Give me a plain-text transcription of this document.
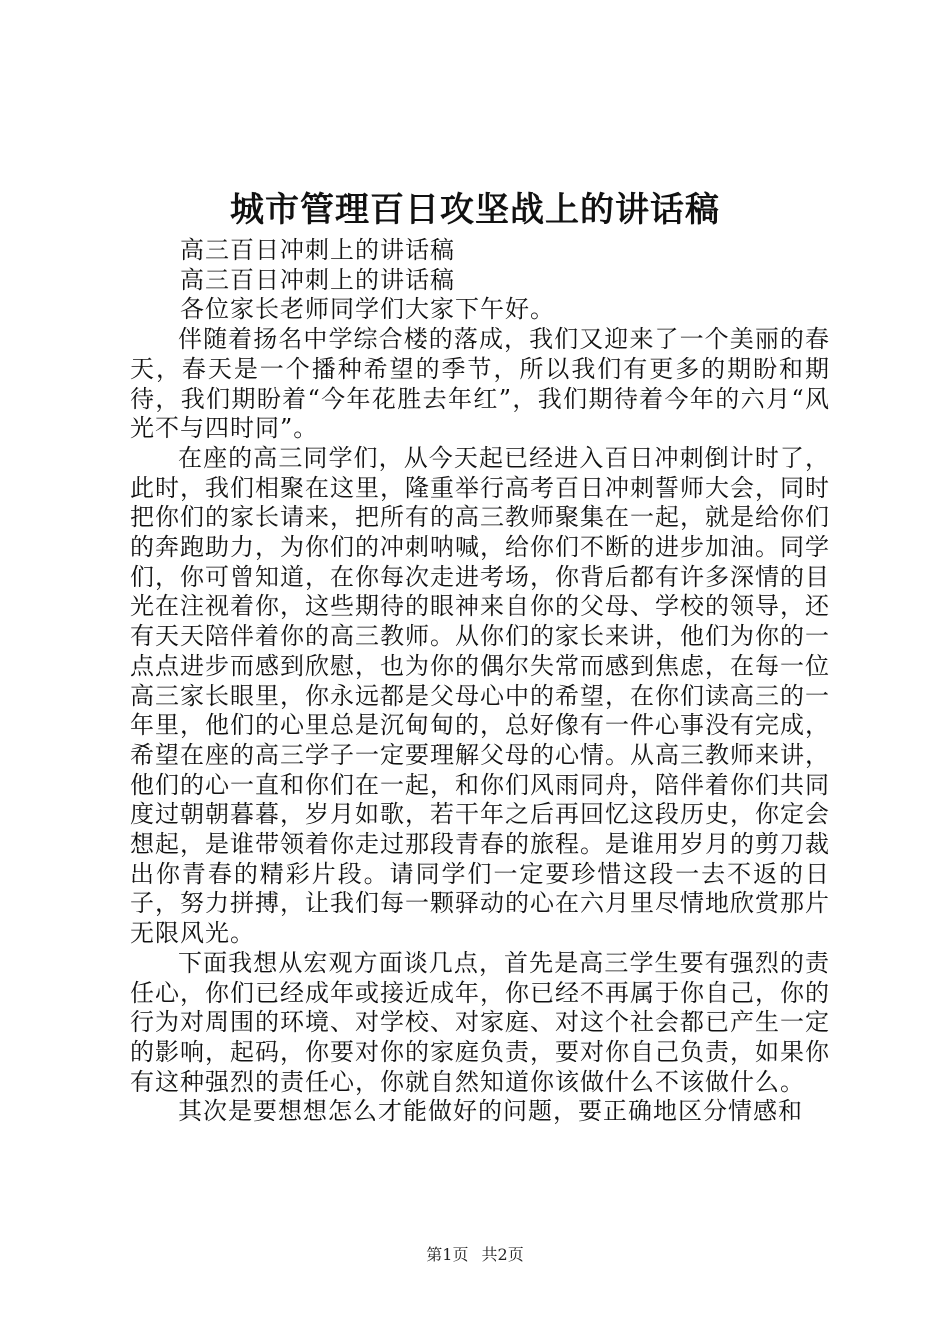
城市管理百日攻坚战上的讲话稿

高三百日冲刺上的讲话稿

高三百日冲刺上的讲话稿

各位家长老师同学们大家下午好。

伴随着扬名中学综合楼的落成，我们又迎来了一个美丽的春天，春天是一个播种希望的季节，所以我们有更多的期盼和期待，我们期盼着“今年花胜去年红”，我们期待着今年的六月“风光不与四时同”。

在座的高三同学们，从今天起已经进入百日冲刺倒计时了，此时，我们相聚在这里，隆重举行高考百日冲刺誓师大会，同时把你们的家长请来，把所有的高三教师聚集在一起，就是给你们的奔跑助力，为你们的冲刺呐喊，给你们不断的进步加油。同学们，你可曾知道，在你每次走进考场，你背后都有许多深情的目光在注视着你，这些期待的眼神来自你的父母、学校的领导，还有天天陪伴着你的高三教师。从你们的家长来讲，他们为你的一点点进步而感到欣慰，也为你的偶尔失常而感到焦虑，在每一位高三家长眼里，你永远都是父母心中的希望，在你们读高三的一年里，他们的心里总是沉甸甸的，总好像有一件心事没有完成，希望在座的高三学子一定要理解父母的心情。从高三教师来讲，他们的心一直和你们在一起，和你们风雨同舟，陪伴着你们共同度过朝朝暮暮，岁月如歌，若干年之后再回忆这段历史，你定会想起，是谁带领着你走过那段青春的旅程。是谁用岁月的剪刀裁出你青春的精彩片段。请同学们一定要珍惜这段一去不返的日子，努力拼搏，让我们每一颗驿动的心在六月里尽情地欣赏那片无限风光。

下面我想从宏观方面谈几点，首先是高三学生要有强烈的责任心，你们已经成年或接近成年，你已经不再属于你自己，你的行为对周围的环境、对学校、对家庭、对这个社会都已产生一定的影响，起码，你要对你的家庭负责，要对你自己负责，如果你有这种强烈的责任心，你就自然知道你该做什么不该做什么。

其次是要想想怎么才能做好的问题，要正确地区分情感和

第1页 共2页
